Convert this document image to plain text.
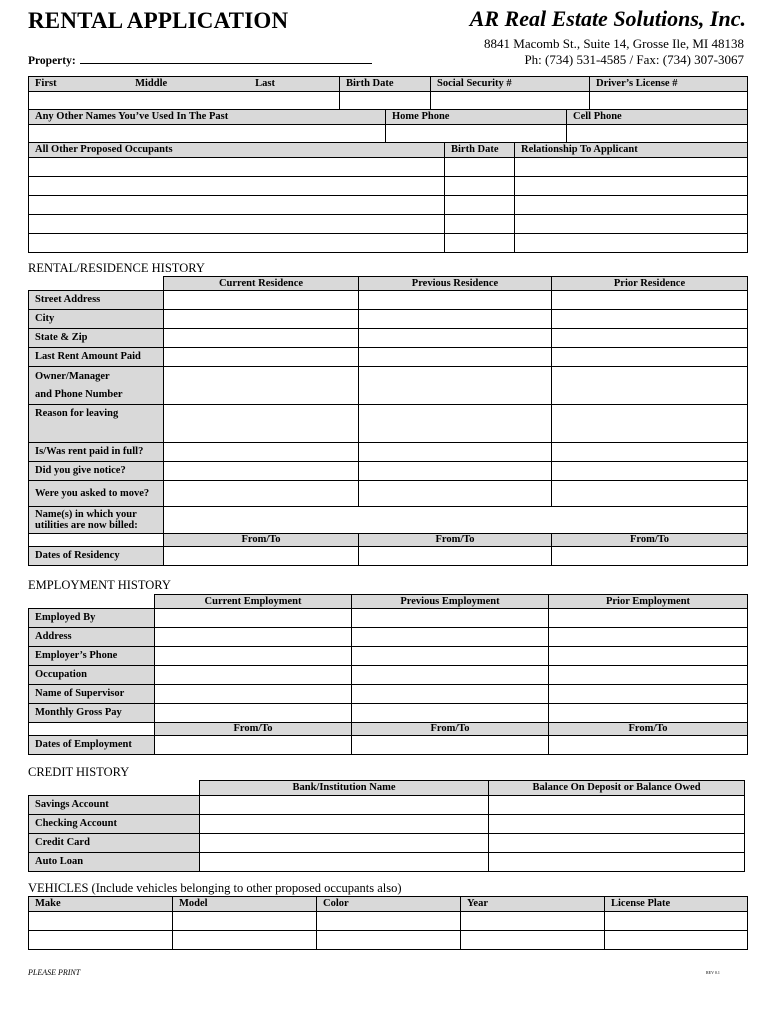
RENTAL APPLICATION	AR Real Estate Solutions, Inc.
8841 Macomb St., Suite 14, Grosse Ile, MI 48138
Ph: (734) 531-4585 / Fax: (734) 307-3067
Property:
First Middle Last	Birth Date	Social Security #	Driver’s License #

Any Other Names You’ve Used In The Past	Home Phone	Cell Phone

All Other Proposed Occupants	Birth Date	Relationship To Applicant

RENTAL/RESIDENCE HISTORY
	Current Residence	Previous Residence	Prior Residence
Street Address			
City			
State & Zip			
Last Rent Amount Paid			
Owner/Manager			
and Phone Number			
Reason for leaving			
Is/Was rent paid in full?			
Did you give notice?			
Were you asked to move?			
Name(s) in which your utilities are now billed:			
	From/To	From/To	From/To
Dates of Residency			
EMPLOYMENT HISTORY
	Current Employment	Previous Employment	Prior Employment
Employed By			
Address			
Employer’s Phone			
Occupation			
Name of Supervisor			
Monthly Gross Pay			
	From/To	From/To	From/To
Dates of Employment			
CREDIT HISTORY
	Bank/Institution Name	Balance On Deposit or Balance Owed
Savings Account		
Checking Account		
Credit Card		
Auto Loan		
VEHICLES (Include vehicles belonging to other proposed occupants also)
Make	Model	Color	Year	License Plate

PLEASE PRINT	REV 0.1
